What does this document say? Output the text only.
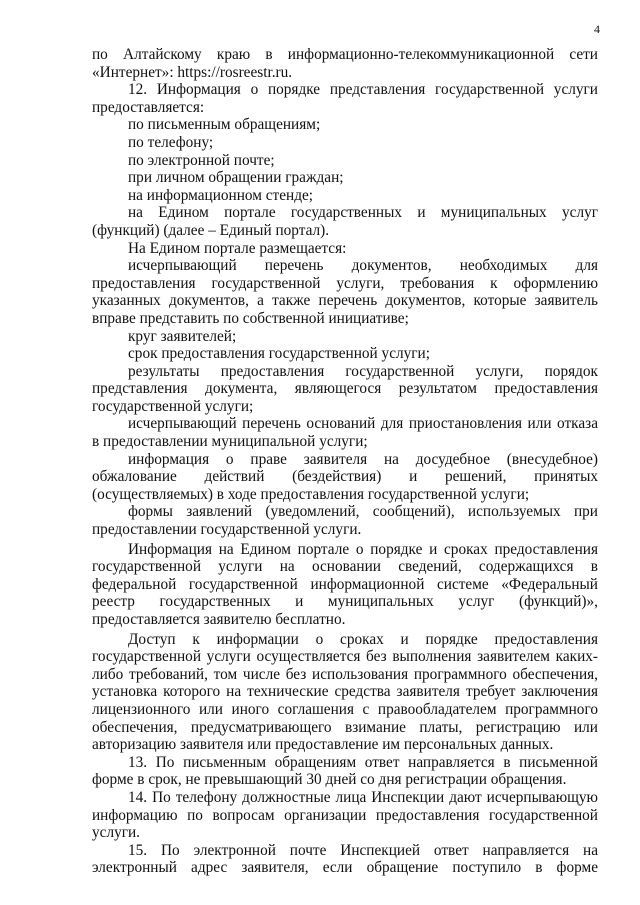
4

по Алтайскому краю в информационно-телекоммуникационной сети «Интернет»: https://rosreestr.ru.

12. Информация о порядке представления государственной услуги предоставляется:

по письменным обращениям;

по телефону;

по электронной почте;

при личном обращении граждан;

на информационном стенде;

на Едином портале государственных и муниципальных услуг (функций) (далее – Единый портал).

На Едином портале размещается:

исчерпывающий перечень документов, необходимых для предоставления государственной услуги, требования к оформлению указанных документов, а также перечень документов, которые заявитель вправе представить по собственной инициативе;

круг заявителей;

срок предоставления государственной услуги;

результаты предоставления государственной услуги, порядок представления документа, являющегося результатом предоставления государственной услуги;

исчерпывающий перечень оснований для приостановления или отказа в предоставлении муниципальной услуги;

информация о праве заявителя на досудебное (внесудебное) обжалование действий (бездействия) и решений, принятых (осуществляемых) в ходе предоставления государственной услуги;

формы заявлений (уведомлений, сообщений), используемых при предоставлении государственной услуги.

Информация на Едином портале о порядке и сроках предоставления государственной услуги на основании сведений, содержащихся в федеральной государственной информационной системе «Федеральный реестр государственных и муниципальных услуг (функций)», предоставляется заявителю бесплатно.

Доступ к информации о сроках и порядке предоставления государственной услуги осуществляется без выполнения заявителем каких-либо требований, том числе без использования программного обеспечения, установка которого на технические средства заявителя требует заключения лицензионного или иного соглашения с правообладателем программного обеспечения, предусматривающего взимание платы, регистрацию или авторизацию заявителя или предоставление им персональных данных.

13. По письменным обращениям ответ направляется в письменной форме в срок, не превышающий 30 дней со дня регистрации обращения.

14. По телефону должностные лица Инспекции дают исчерпывающую информацию по вопросам организации предоставления государственной услуги.

15. По электронной почте Инспекцией ответ направляется на электронный адрес заявителя, если обращение поступило в форме
